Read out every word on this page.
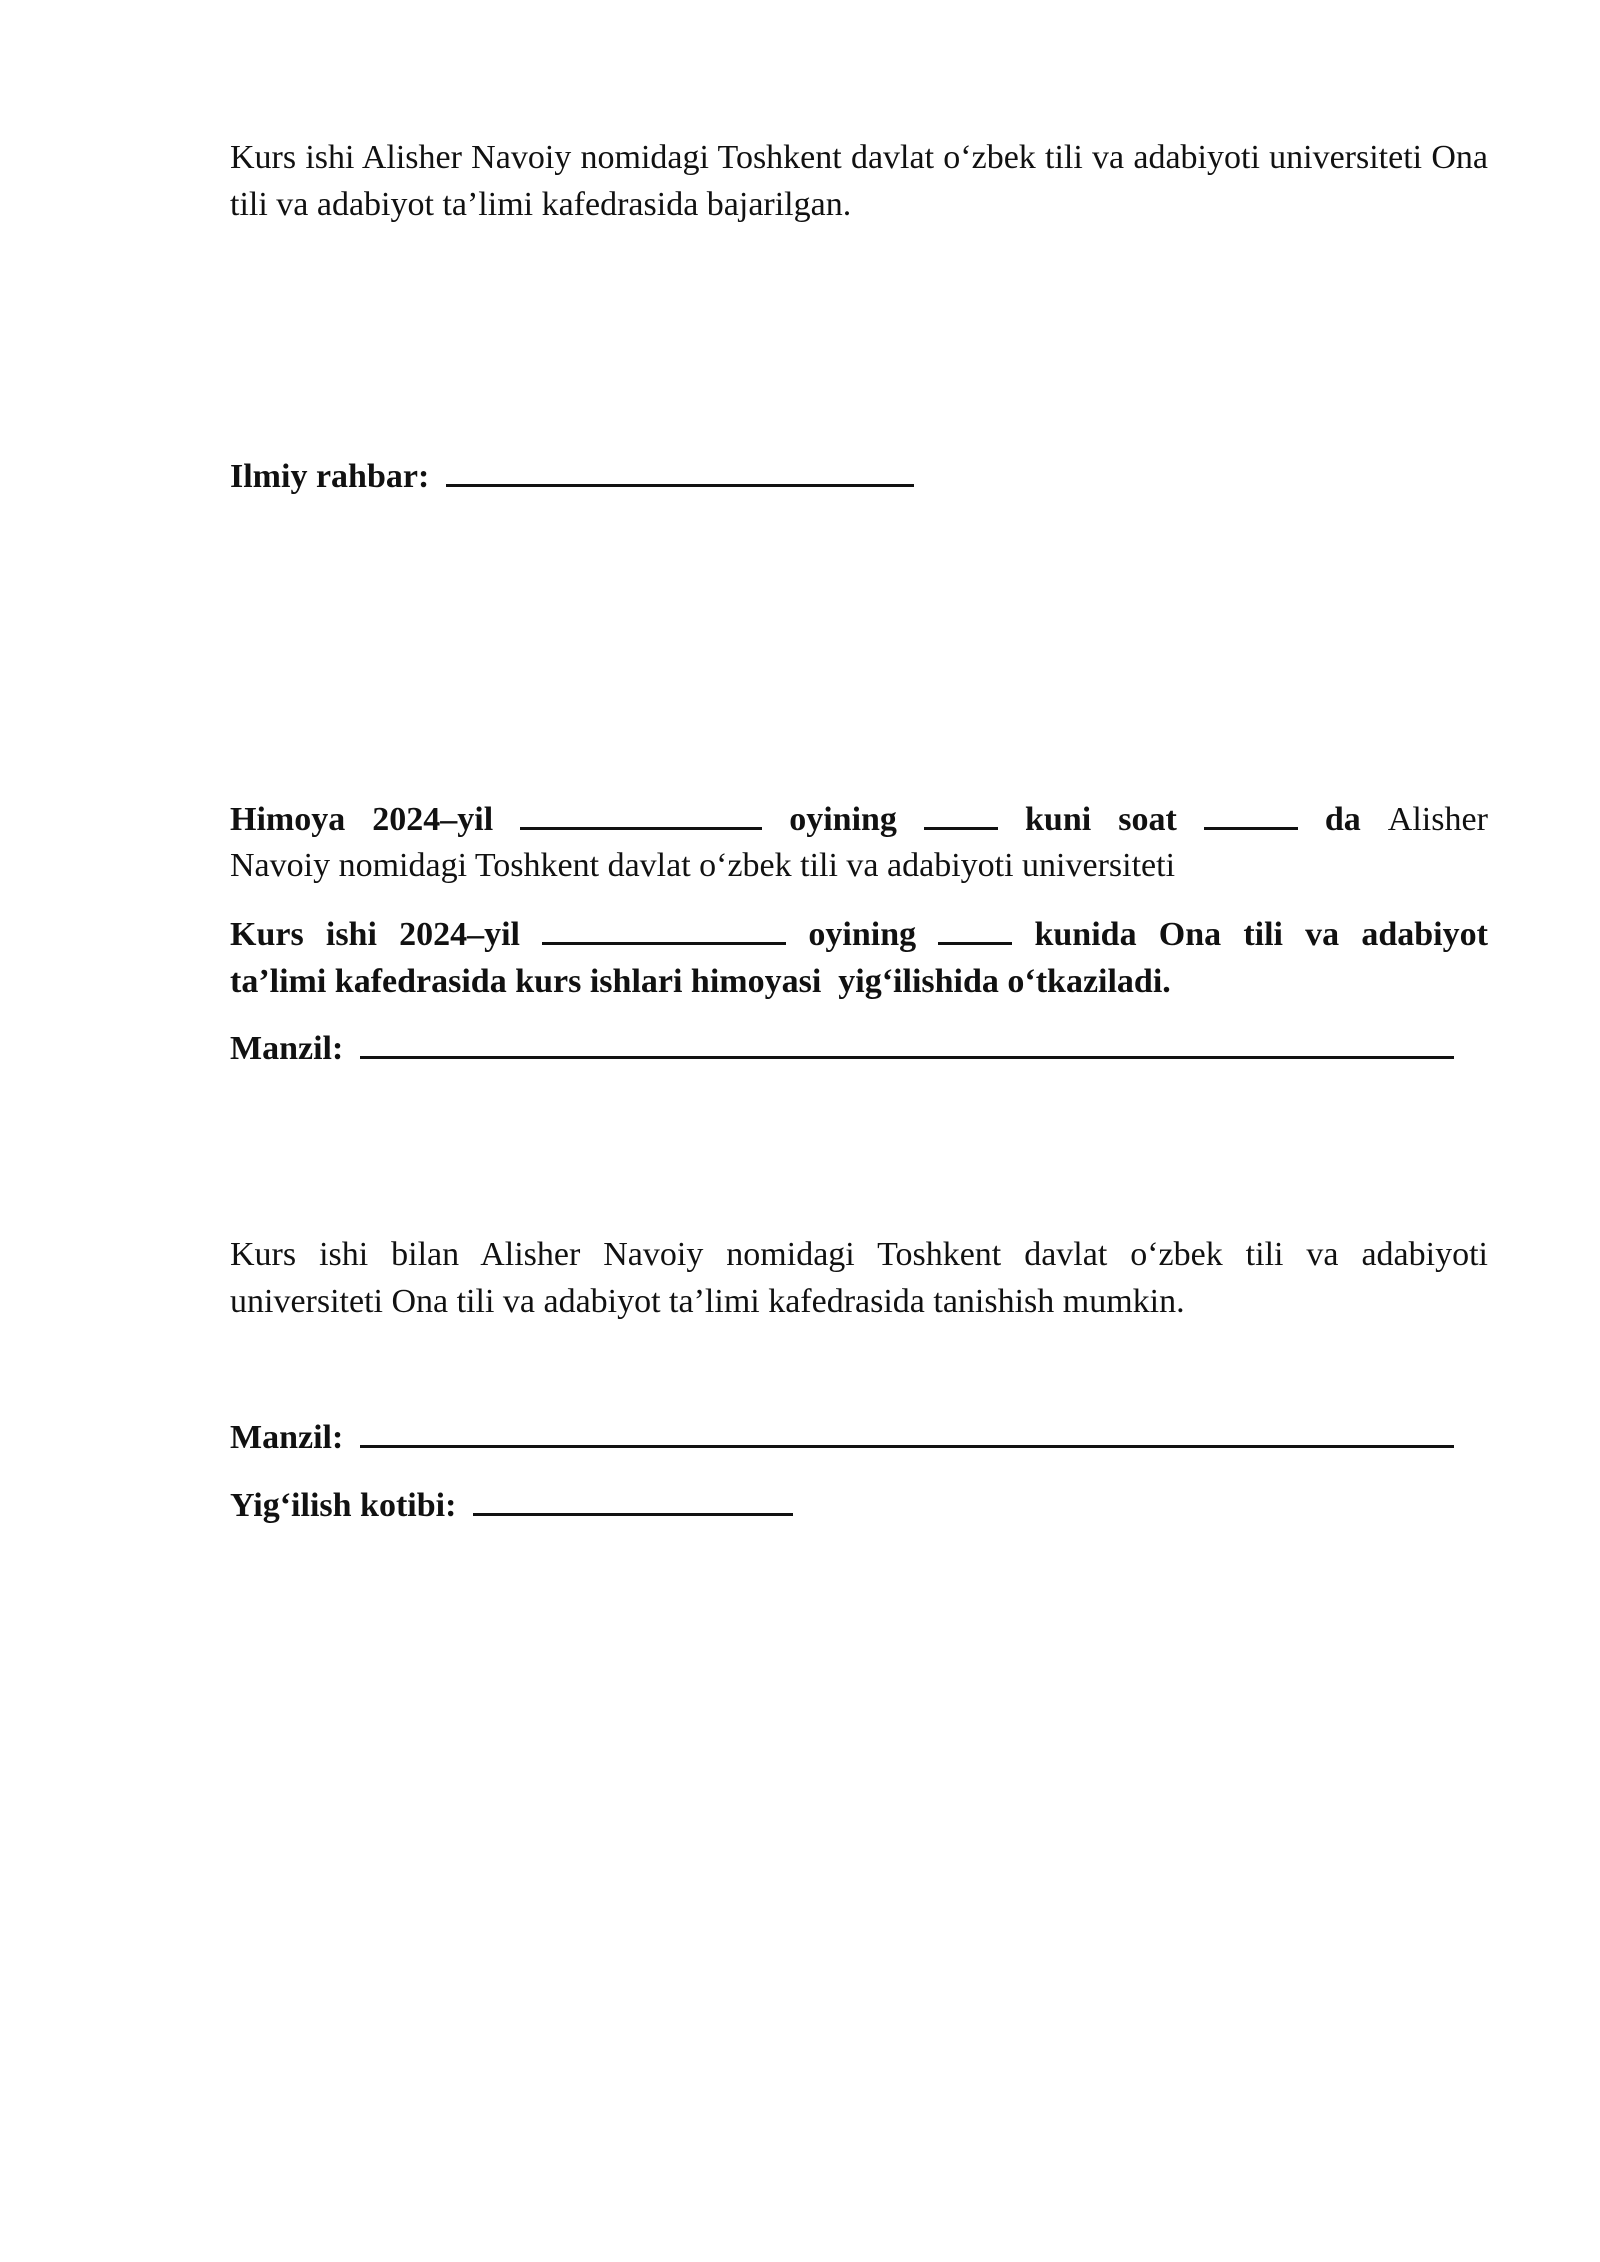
Kurs ishi Alisher Navoiy nomidagi Toshkent davlat o‘zbek tili va adabiyoti universiteti Ona tili va adabiyot ta’limi kafedrasida bajarilgan.

Ilmiy rahbar:
Himoya 2024–yil	oyining	kuni soat	da Alisher
Navoiy nomidagi Toshkent davlat o‘zbek tili va adabiyoti universiteti
Kurs ishi 2024–yil	oyining	kunida Ona tili va adabiyot
ta’limi kafedrasida kurs ishlari himoyasi  yig‘ilishida o‘tkaziladi.
Manzil:

Kurs ishi bilan Alisher Navoiy nomidagi Toshkent davlat o‘zbek tili va adabiyoti universiteti Ona tili va adabiyot ta’limi kafedrasida tanishish mumkin.

Manzil:
Yig‘ilish kotibi:
